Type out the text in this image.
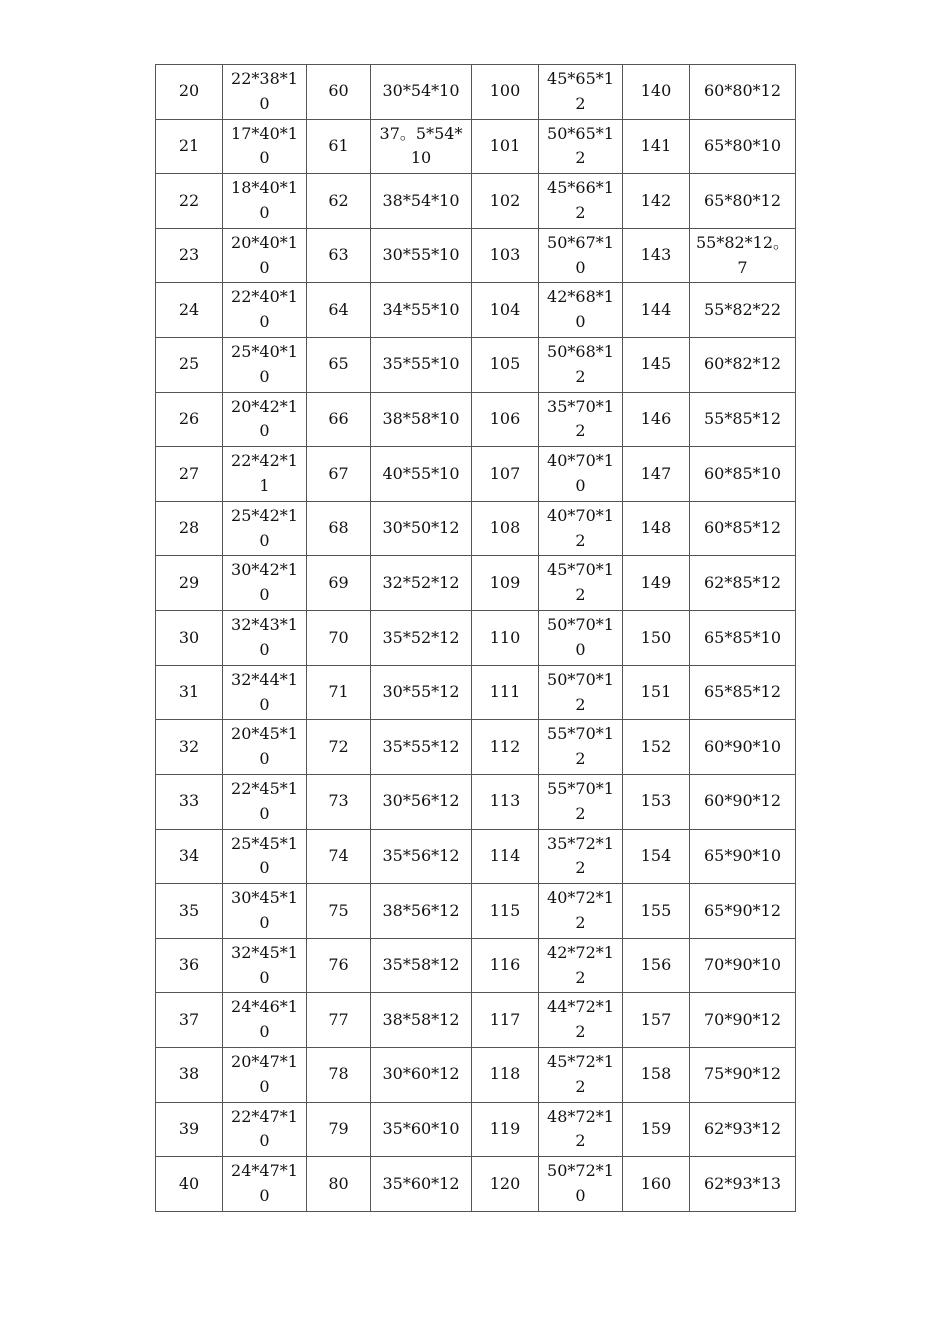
20	22*38*10	60	30*54*10	100	45*65*12	140	60*80*12
21	17*40*10	61	37。5*54*10	101	50*65*12	141	65*80*10
22	18*40*10	62	38*54*10	102	45*66*12	142	65*80*12
23	20*40*10	63	30*55*10	103	50*67*10	143	55*82*12。7
24	22*40*10	64	34*55*10	104	42*68*10	144	55*82*22
25	25*40*10	65	35*55*10	105	50*68*12	145	60*82*12
26	20*42*10	66	38*58*10	106	35*70*12	146	55*85*12
27	22*42*11	67	40*55*10	107	40*70*10	147	60*85*10
28	25*42*10	68	30*50*12	108	40*70*12	148	60*85*12
29	30*42*10	69	32*52*12	109	45*70*12	149	62*85*12
30	32*43*10	70	35*52*12	110	50*70*10	150	65*85*10
31	32*44*10	71	30*55*12	111	50*70*12	151	65*85*12
32	20*45*10	72	35*55*12	112	55*70*12	152	60*90*10
33	22*45*10	73	30*56*12	113	55*70*12	153	60*90*12
34	25*45*10	74	35*56*12	114	35*72*12	154	65*90*10
35	30*45*10	75	38*56*12	115	40*72*12	155	65*90*12
36	32*45*10	76	35*58*12	116	42*72*12	156	70*90*10
37	24*46*10	77	38*58*12	117	44*72*12	157	70*90*12
38	20*47*10	78	30*60*12	118	45*72*12	158	75*90*12
39	22*47*10	79	35*60*10	119	48*72*12	159	62*93*12
40	24*47*10	80	35*60*12	120	50*72*10	160	62*93*13
